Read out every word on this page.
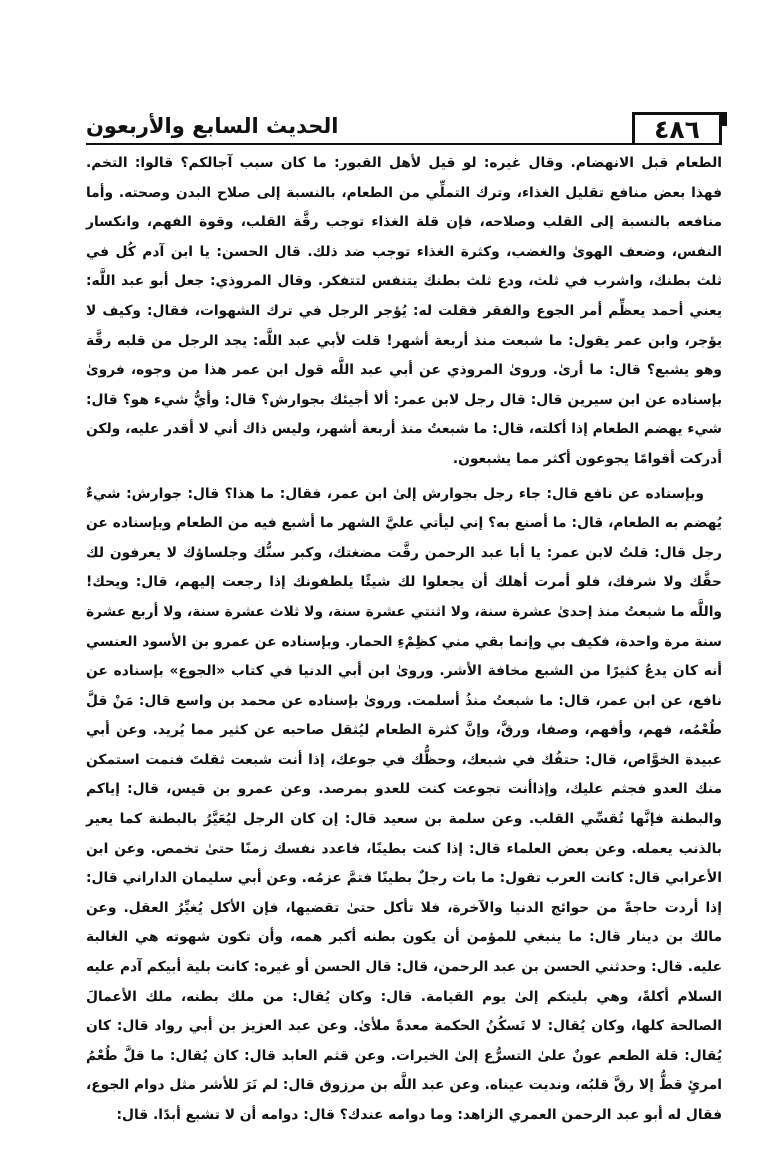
٤٨٦
الحديث السابع والأربعون

الطعام قبل الانهضام. وقال غيره: لو قيل لأهل القبور: ما كان سبب آجالكم؟ قالوا: التخم. فهذا بعض منافع تقليل الغذاء، وترك التملِّي من الطعام، بالنسبة إلى صلاح البدن وصحته. وأما منافعه بالنسبة إلى القلب وصلاحه، فإن قلة الغذاء توجب رقَّة القلب، وقوة الفهم، وانكسار النفس، وضعف الهوىٰ والغضب، وكثرة الغذاء توجب ضد ذلك. قال الحسن: يا ابن آدم كُل في ثلث بطنك، واشرب في ثلث، ودع ثلث بطنك يتنفس لتتفكر. وقال المروذي: جعل أبو عبد اللَّه: يعني أحمد يعظِّم أمر الجوع والفقر فقلت له: يُؤجر الرجل في ترك الشهوات، فقال: وكيف لا يؤجر، وابن عمر يقول: ما شبعت منذ أربعة أشهر! قلت لأبي عبد اللَّه: يجد الرجل من قلبه رقَّة وهو يشبع؟ قال: ما أرىٰ. وروىٰ المروذي عن أبي عبد اللَّه قول ابن عمر هذا من وجوه، فروىٰ بإسناده عن ابن سيرين قال: قال رجل لابن عمر: ألا أجيئك بجوارش؟ قال: وأيُّ شيء هو؟ قال: شيء يهضم الطعام إذا أكلته، قال: ما شبعتُ منذ أربعة أشهر، وليس ذاك أني لا أقدر عليه، ولكن أدركت أقوامًا يجوعون أكثر مما يشبعون.

وبإسناده عن نافع قال: جاء رجل بجوارش إلىٰ ابن عمر، فقال: ما هذا؟ قال: جوارش: شيءٌ يُهضم به الطعام، قال: ما أصنع به؟ إني ليأتي عليَّ الشهر ما أشبع فيه من الطعام وبإسناده عن رجل قال: قلتُ لابن عمر: يا أبا عبد الرحمن رقَّت مضغتك، وكبر سنُّك وجلساؤك لا يعرفون لك حقَّك ولا شرفك، فلو أمرت أهلك أن يجعلوا لك شيئًا يلطفونك إذا رجعت إليهم، قال: ويحك! واللَّه ما شبعتُ منذ إحدىٰ عشرة سنة، ولا اثنتي عشرة سنة، ولا ثلاث عشرة سنة، ولا أربع عشرة سنة مرة واحدة، فكيف بي وإنما بقي مني كظِمْءِ الحمار. وبإسناده عن عمرو بن الأسود العنسي أنه كان يدعُ كثيرًا من الشبع مخافة الأشر. وروىٰ ابن أبي الدنيا في كتاب «الجوع» بإسناده عن نافع، عن ابن عمر، قال: ما شبعتُ منذُ أسلمت. وروىٰ بإسناده عن محمد بن واسع قال: مَنْ قلَّ طُعْمُه، فهم، وأفهم، وصفا، ورقَّ، وإنَّ كثرة الطعام ليُثقل صاحبه عن كثير مما يُريد. وعن أبي عبيدة الخوَّاص، قال: حتفُك في شبعك، وحظُّك في جوعك، إذا أنت شبعت ثقلتَ فنمت استمكن منك العدو فجثم عليك، وإذاأنت تجوعت كنت للعدو بمرصد. وعن عمرو بن قيس، قال: إياكم والبطنة فإنَّها تُقسِّي القلب. وعن سلمة بن سعيد قال: إن كان الرجل ليُعَيَّرُ بالبطنة كما يعير بالذنب يعمله. وعن بعض العلماء قال: إذا كنت بطينًا، فاعدد نفسك زمنًا حتىٰ تخمص. وعن ابن الأعرابي قال: كانت العرب تقول: ما بات رجلٌ بطينًا فتمَّ عزمُه. وعن أبي سليمان الداراني قال: إذا أردت حاجةً من حوائج الدنيا والآخرة، فلا تأكل حتىٰ تقضيها، فإن الأكل يُغيِّرُ العقل. وعن مالك بن دينار قال: ما ينبغي للمؤمن أن يكون بطنه أكبر همه، وأن تكون شهوته هي الغالبة عليه. قال: وحدثني الحسن بن عبد الرحمن، قال: قال الحسن أو غيره: كانت بلية أبيكم آدم عليه السلام أكلةً، وهي بليتكم إلىٰ يوم القيامة. قال: وكان يُقال: من ملك بطنه، ملك الأعمالَ الصالحة كلها، وكان يُقال: لا تَسكُنُ الحكمة معدةً ملأىٰ. وعن عبد العزيز بن أبي رواد قال: كان يُقال: قلة الطعم عونٌ علىٰ التسرُّع إلىٰ الخيرات. وعن قثم العابد قال: كان يُقال: ما قلَّ طُعْمُ امرئٍ قطُّ إلا رقَّ قلبُه، ونديت عيناه. وعن عبد اللَّه بن مرزوق قال: لم نَرَ للأشر مثل دوام الجوع، فقال له أبو عبد الرحمن العمري الزاهد: وما دوامه عندك؟ قال: دوامه أن لا تشبع أبدًا. قال:
